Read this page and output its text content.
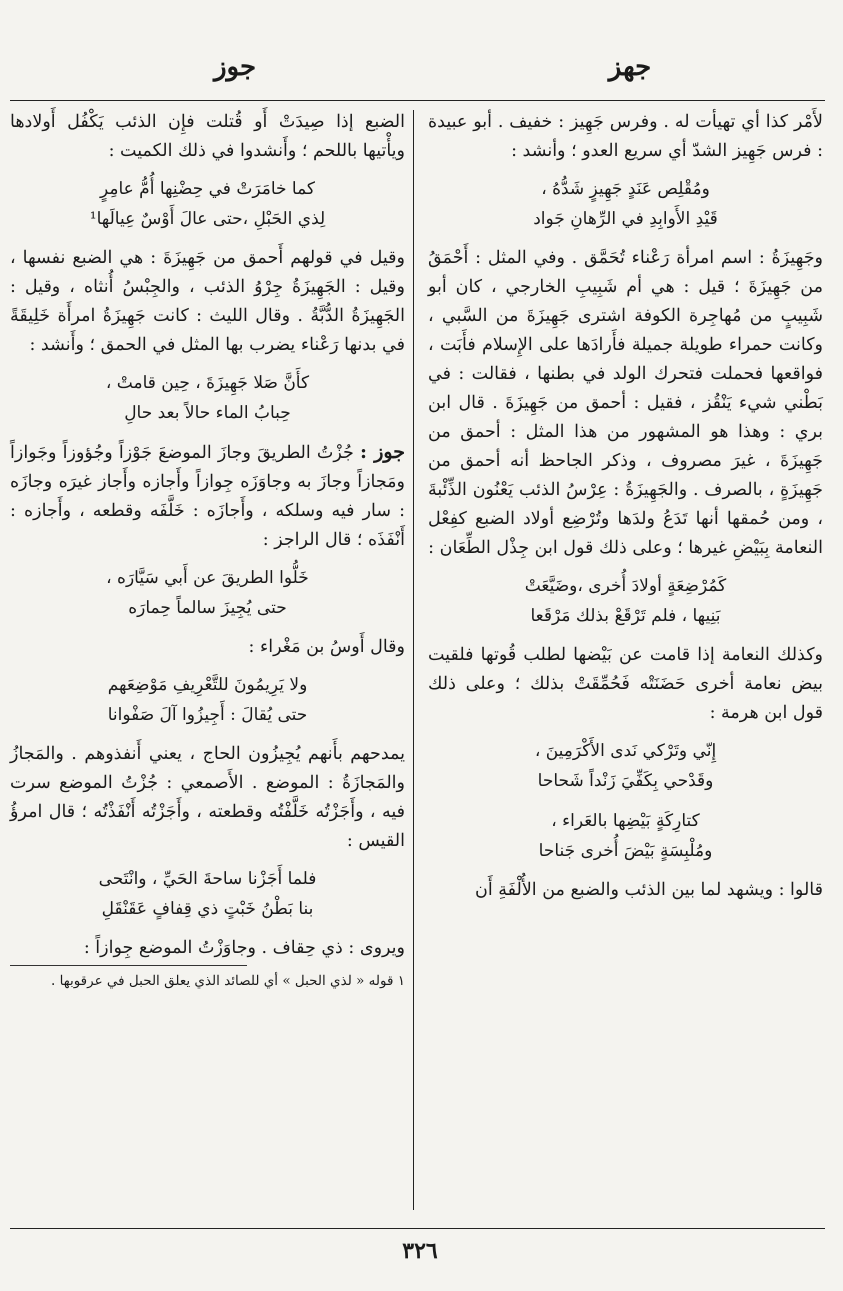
جهز
جوز

لأَمْر كذا أي تهيأت له . وفرس جَهِيز : خفيف . أبو عبيدة : فرس جَهِيز الشدّ أي سريع العدو ؛ وأنشد :

ومُقْلِص عَنَدٍ جَهِيزٍ شَدُّهُ ،
قَيْدِ الأَوابِدِ في الرِّهانِ جَواد

وجَهِيزَةُ : اسم امرأة رَعْناء تُحَمَّق . وفي المثل : أَحْمَقُ من جَهِيزَةَ ؛ قيل : هي أم شَبِيبِ الخارجي ، كان أبو شَبِيبٍ من مُهاجِرة الكوفة اشترى جَهِيزَةَ من السَّبي ، وكانت حمراء طويلة جميلة فأَرادَها على الإِسلام فأَبَت ، فواقعها فحملت فتحرك الولد في بطنها ، فقالت : في بَطْني شيء يَنْقُز ، فقيل : أحمق من جَهِيزَةَ . قال ابن بري : وهذا هو المشهور من هذا المثل : أحمق من جَهِيزَةَ ، غيرَ مصروف ، وذكر الجاحظ أنه أحمق من جَهِيزَةٍ ، بالصرف . والجَهِيزَةُ : عِرْسُ الذئب يَعْنُون الذِّئْبةَ ، ومن حُمقها أنها تَدَعُ ولدَها وتُرْضِع أولاد الضبع كفِعْل النعامة بِبَيْضِ غيرها ؛ وعلى ذلك قول ابن جِذْل الطِّعَان :

كَمُرْضِعَةٍ أولادَ أُخرى ،وضَيَّعَتْ
بَنِيها ، فلم تَرْقَعْ بذلك مَرْقَعا

وكذلك النعامة إذا قامت عن بَيْضها لطلب قُوتها فلقيت بيض نعامة أخرى حَضَنَتْه فَحُمِّقَتْ بذلك ؛ وعلى ذلك قول ابن هرمة :

إِنّي وتَرْكي نَدى الأَكْرَمِينَ ،
وقَدْحي بِكَفِّيَ زَنْداً شَحاحا
كتارِكَةٍ بَيْضِها بالعَراء ،
ومُلْبِسَةٍ بَيْضَ أُخرى جَناحا

قالوا : ويشهد لما بين الذئب والضبع من الأُلْفَةِ أَن

الضبع إذا صِيدَتْ أَو قُتلت فإِن الذئب يَكْفُل أَولادها ويأْتيها باللحم ؛ وأَنشدوا في ذلك الكميت :

كما خامَرَتْ في حِضْنِها أُمُّ عامِرٍ
لِذي الحَبْلِ ،حتى عالَ أَوْسٌ عِيالَها¹

وقيل في قولهم أَحمق من جَهِيزَةَ : هي الضبع نفسها ، وقيل : الجَهِيزَةُ جِرْوُ الذئب ، والجِبْسُ أُنثاه ، وقيل : الجَهِيزَةُ الدُّبَّةُ . وقال الليث : كانت جَهِيزَةُ امرأَة خَلِيقَةً في بدنها رَعْناء يضرب بها المثل في الحمق ؛ وأَنشد :

كأَنَّ صَلا جَهِيزَةَ ، حِين قامتْ ،
حِبابُ الماء حالاً بعد حالِ

جوز : جُزْتُ الطريقَ وجازَ الموضعَ جَوْزاً وجُؤوزاً وجَوازاً ومَجازاً وجازَ به وجاوَزَه جِوازاً وأَجازه وأَجاز غيرَه وجازَه : سار فيه وسلكه ، وأَجازَه : خَلَّفَه وقطعه ، وأَجازه : أَنْفَذَه ؛ قال الراجز :

خَلُّوا الطريقَ عن أَبي سَيَّارَه ،
حتى يُجِيزَ سالماً حِمارَه

وقال أَوسُ بن مَغْراء :

ولا يَرِيمُونَ للتَّعْرِيفِ مَوْضِعَهم
حتى يُقالَ : أَجِيزُوا آلَ صَفْوانا

يمدحهم بأَنهم يُجِيزُون الحاج ، يعني أَنفذوهم . والمَجازُ والمَجازَةُ : الموضع . الأَصمعي : جُزْتُ الموضع سرت فيه ، وأَجَزْتُه خَلَّفْتُه وقطعته ، وأَجَزْتُه أَنْفَذْتُه ؛ قال امرؤُ القيس :

فلما أَجَزْنا ساحةَ الحَيِّ ، وانْتَحى
بنا بَطْنُ خَبْتٍ ذي قِفافٍ عَقَنْقَلِ

ويروى : ذي حِقاف . وجاوَزْتُ الموضع جِوازاً :

١ قوله « لذي الحبل » أي للصائد الذي يعلق الحبل في عرقوبها .
٣٢٦
